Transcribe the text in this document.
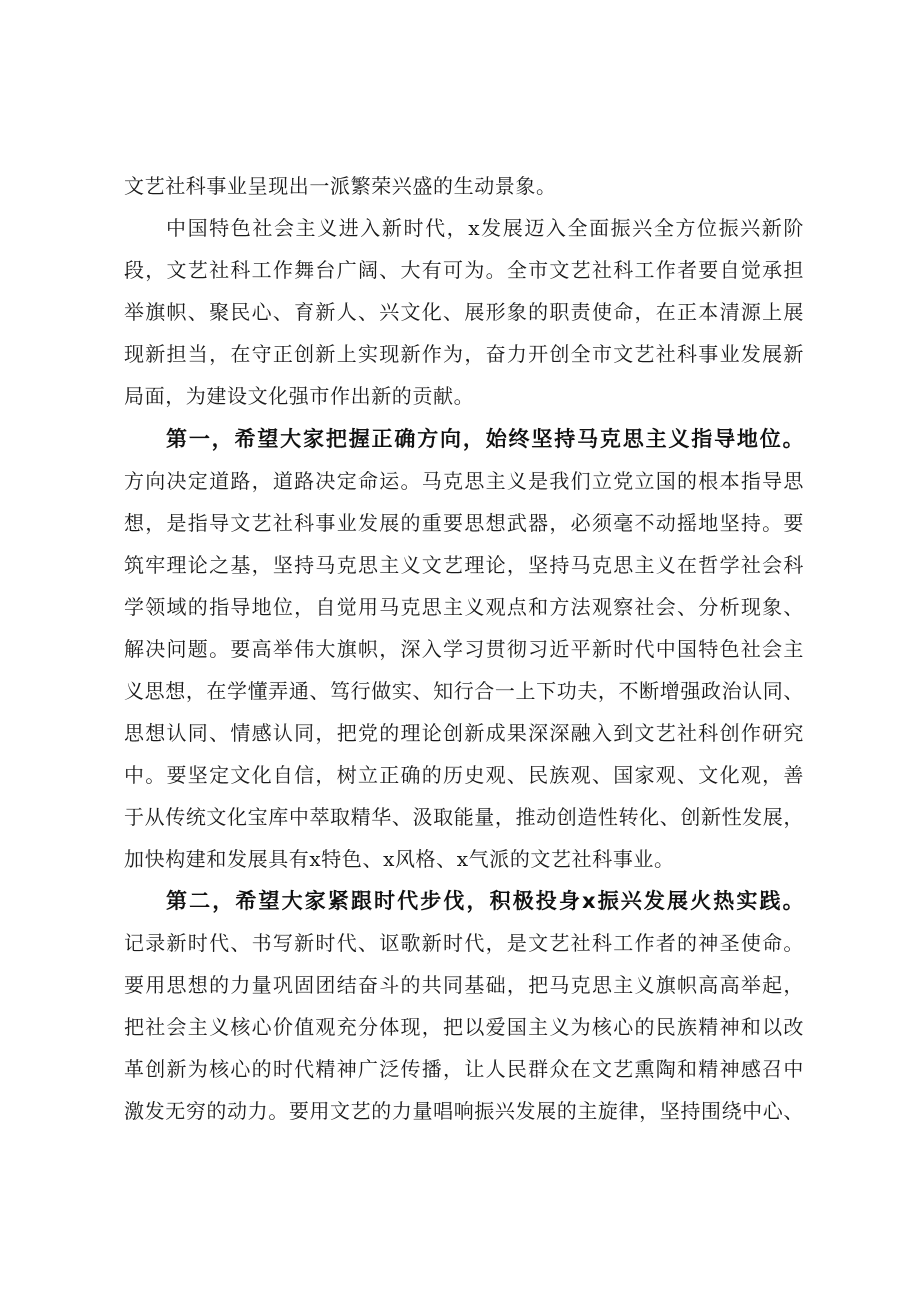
文艺社科事业呈现出一派繁荣兴盛的生动景象。
中国特色社会主义进入新时代，x发展迈入全面振兴全方位振兴新阶
段，文艺社科工作舞台广阔、大有可为。全市文艺社科工作者要自觉承担
举旗帜、聚民心、育新人、兴文化、展形象的职责使命，在正本清源上展
现新担当，在守正创新上实现新作为，奋力开创全市文艺社科事业发展新
局面，为建设文化强市作出新的贡献。
第一，希望大家把握正确方向，始终坚持马克思主义指导地位。
方向决定道路，道路决定命运。马克思主义是我们立党立国的根本指导思
想，是指导文艺社科事业发展的重要思想武器，必须毫不动摇地坚持。要
筑牢理论之基，坚持马克思主义文艺理论，坚持马克思主义在哲学社会科
学领域的指导地位，自觉用马克思主义观点和方法观察社会、分析现象、
解决问题。要高举伟大旗帜，深入学习贯彻习近平新时代中国特色社会主
义思想，在学懂弄通、笃行做实、知行合一上下功夫，不断增强政治认同、
思想认同、情感认同，把党的理论创新成果深深融入到文艺社科创作研究
中。要坚定文化自信，树立正确的历史观、民族观、国家观、文化观，善
于从传统文化宝库中萃取精华、汲取能量，推动创造性转化、创新性发展，
加快构建和发展具有x特色、x风格、x气派的文艺社科事业。
第二，希望大家紧跟时代步伐，积极投身x振兴发展火热实践。
记录新时代、书写新时代、讴歌新时代，是文艺社科工作者的神圣使命。
要用思想的力量巩固团结奋斗的共同基础，把马克思主义旗帜高高举起，
把社会主义核心价值观充分体现，把以爱国主义为核心的民族精神和以改
革创新为核心的时代精神广泛传播，让人民群众在文艺熏陶和精神感召中
激发无穷的动力。要用文艺的力量唱响振兴发展的主旋律，坚持围绕中心、
